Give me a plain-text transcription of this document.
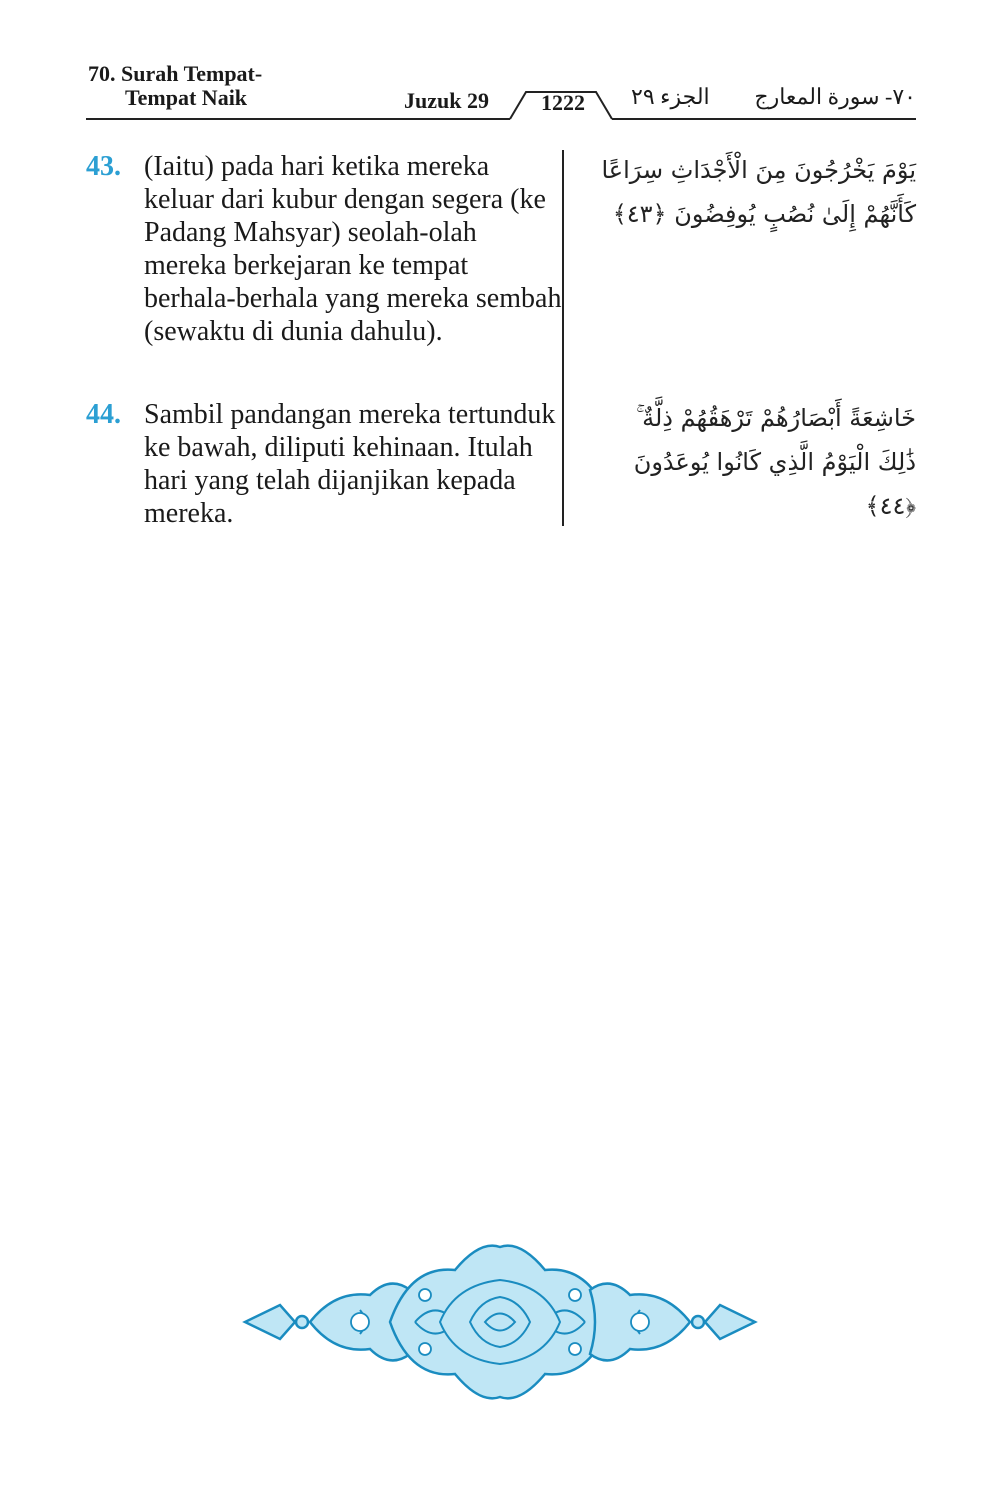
70. Surah Tempat-
Tempat Naik	Juzuk 29 1222 الجزء ٢٩ ٧٠- سورة المعارج
43. (Iaitu) pada hari ketika mereka keluar dari kubur dengan segera (ke Padang Mahsyar) seolah-olah mereka berkejaran ke tempat berhala-berhala yang mereka sembah (sewaktu di dunia dahulu).
يَوْمَ يَخْرُجُونَ مِنَ الْأَجْدَاثِ سِرَاعًا كَأَنَّهُمْ إِلَىٰ نُصُبٍ يُوفِضُونَ ﴿٤٣﴾
44. Sambil pandangan mereka tertunduk ke bawah, diliputi kehinaan. Itulah hari yang telah dijanjikan kepada mereka.
خَاشِعَةً أَبْصَارُهُمْ تَرْهَقُهُمْ ذِلَّةٌ ۚ ذَٰلِكَ الْيَوْمُ الَّذِي كَانُوا يُوعَدُونَ ﴿٤٤﴾
